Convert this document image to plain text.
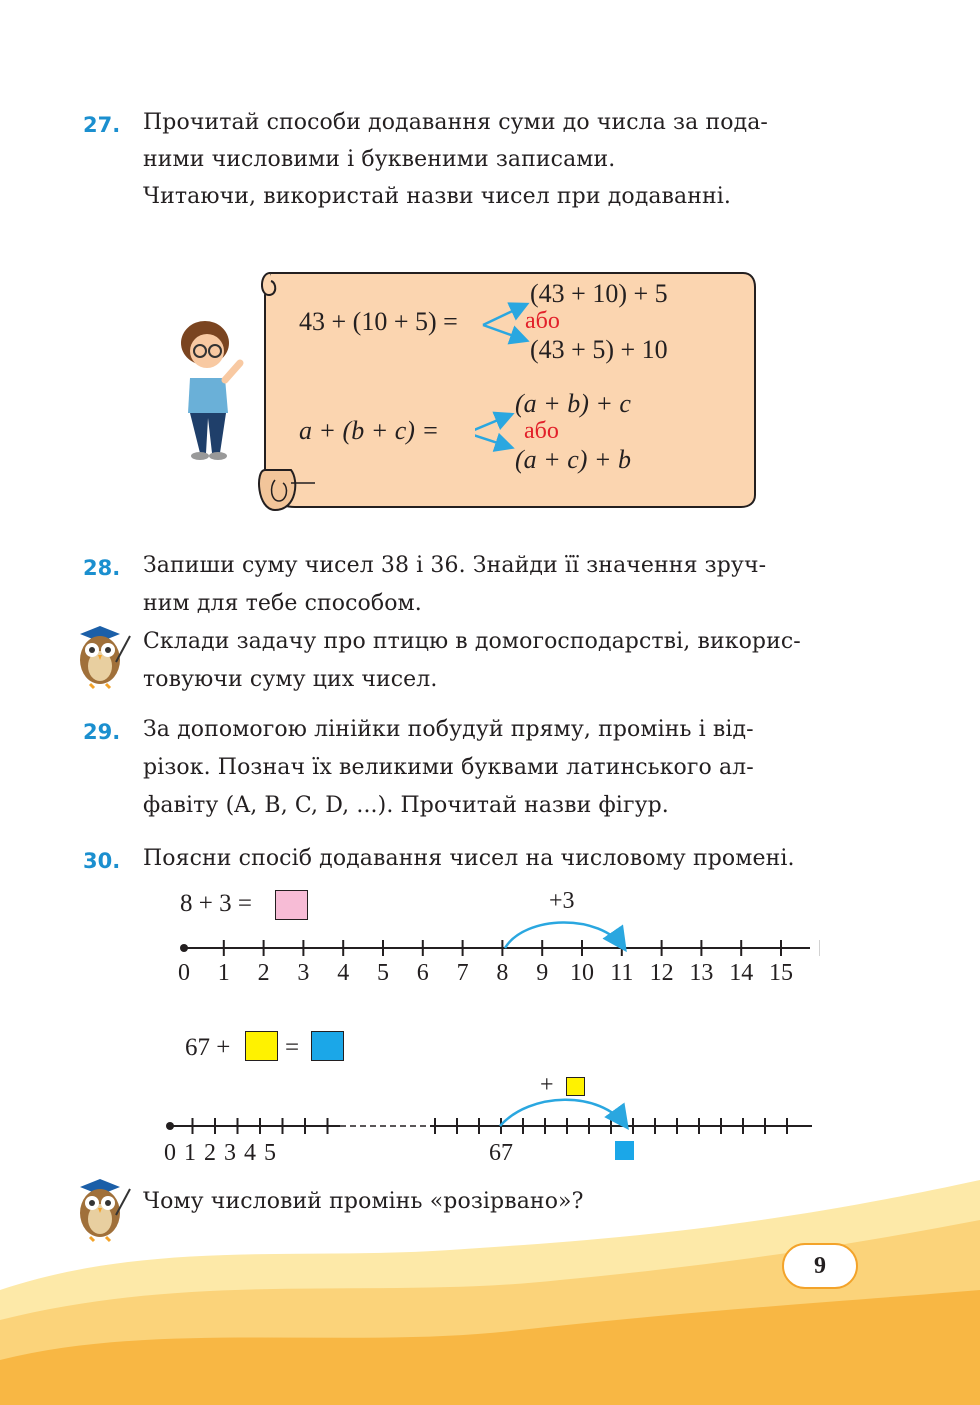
27. Прочитай способи додавання суми до числа за пода-
ними числовими і буквеними записами.
Читаючи, використай назви чисел при додаванні.
43 + (10 + 5) =
(43 + 10) + 5
або
(43 + 5) + 10
a + (b + c) =
(a + b) + c
або
(a + c) + b
28. Запиши суму чисел 38 і 36. Знайди її значення зруч-
ним для тебе способом.
Склади задачу про птицю в домогосподарстві, викорис-
товуючи суму цих чисел.
29. За допомогою лінійки побудуй пряму, промінь і від-
різок. Познач їх великими буквами латинського ал-
фавіту (A, B, C, D, ...). Прочитай назви фігур.
30. Поясни спосіб додавання чисел на числовому промені.
8 + 3 =	+3
0 1 2 3 4 5 6 7 8 9 10 11 12 13 14 15
67 + =
+
0 1 2 3 4 5	67
Чому числовий промінь «розірвано»?
9
